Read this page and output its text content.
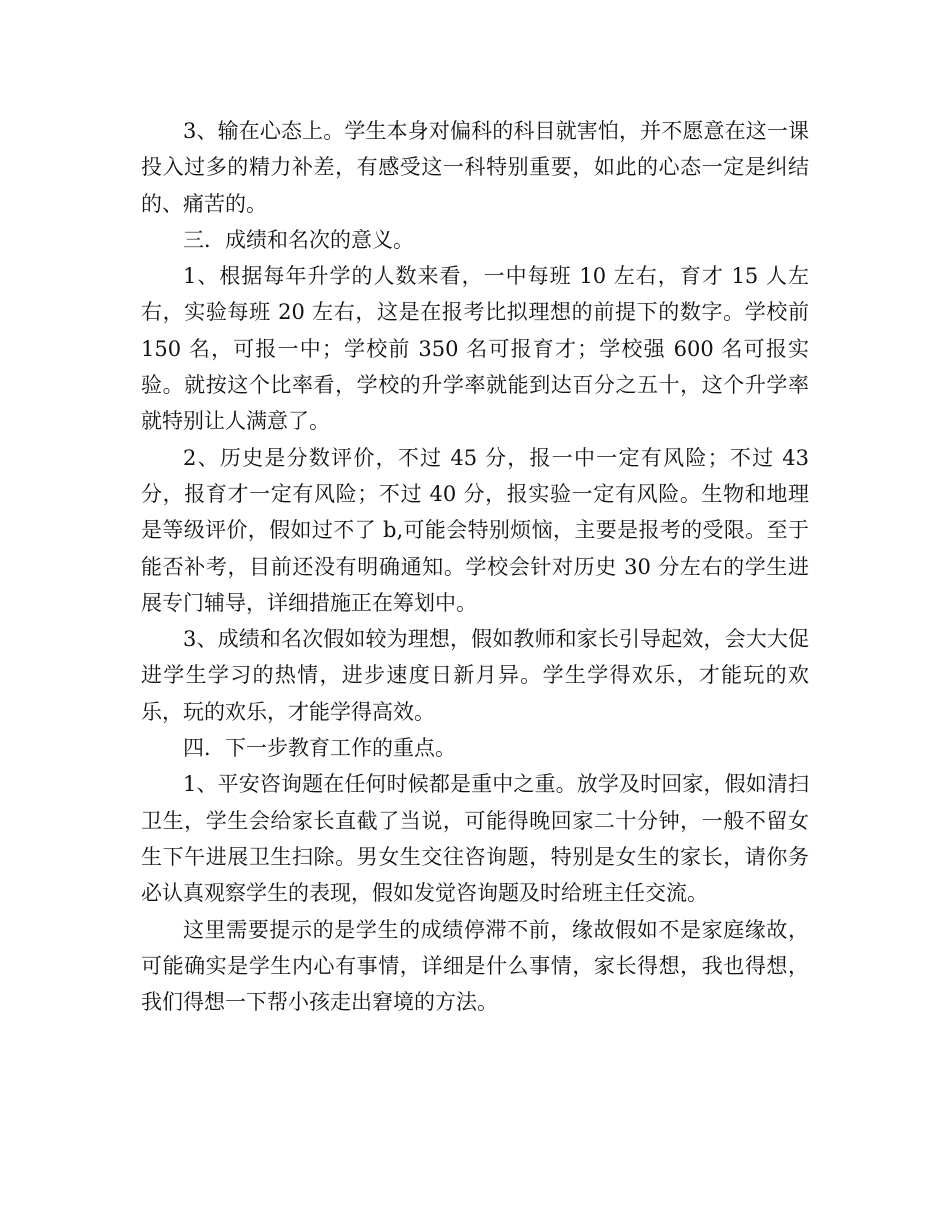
3、输在心态上。学生本身对偏科的科目就害怕，并不愿意在这一课投入过多的精力补差，有感受这一科特别重要，如此的心态一定是纠结的、痛苦的。

三．成绩和名次的意义。

1、根据每年升学的人数来看，一中每班 10 左右，育才 15 人左右，实验每班 20 左右，这是在报考比拟理想的前提下的数字。学校前 150 名，可报一中；学校前 350 名可报育才；学校强 600 名可报实验。就按这个比率看，学校的升学率就能到达百分之五十，这个升学率就特别让人满意了。

2、历史是分数评价，不过 45 分，报一中一定有风险；不过 43 分，报育才一定有风险；不过 40 分，报实验一定有风险。生物和地理是等级评价，假如过不了 b,可能会特别烦恼，主要是报考的受限。至于能否补考，目前还没有明确通知。学校会针对历史 30 分左右的学生进展专门辅导，详细措施正在筹划中。

3、成绩和名次假如较为理想，假如教师和家长引导起效，会大大促进学生学习的热情，进步速度日新月异。学生学得欢乐，才能玩的欢乐，玩的欢乐，才能学得高效。

四．下一步教育工作的重点。

1、平安咨询题在任何时候都是重中之重。放学及时回家，假如清扫卫生，学生会给家长直截了当说，可能得晚回家二十分钟，一般不留女生下午进展卫生扫除。男女生交往咨询题，特别是女生的家长，请你务必认真观察学生的表现，假如发觉咨询题及时给班主任交流。

这里需要提示的是学生的成绩停滞不前，缘故假如不是家庭缘故，可能确实是学生内心有事情，详细是什么事情，家长得想，我也得想，我们得想一下帮小孩走出窘境的方法。
